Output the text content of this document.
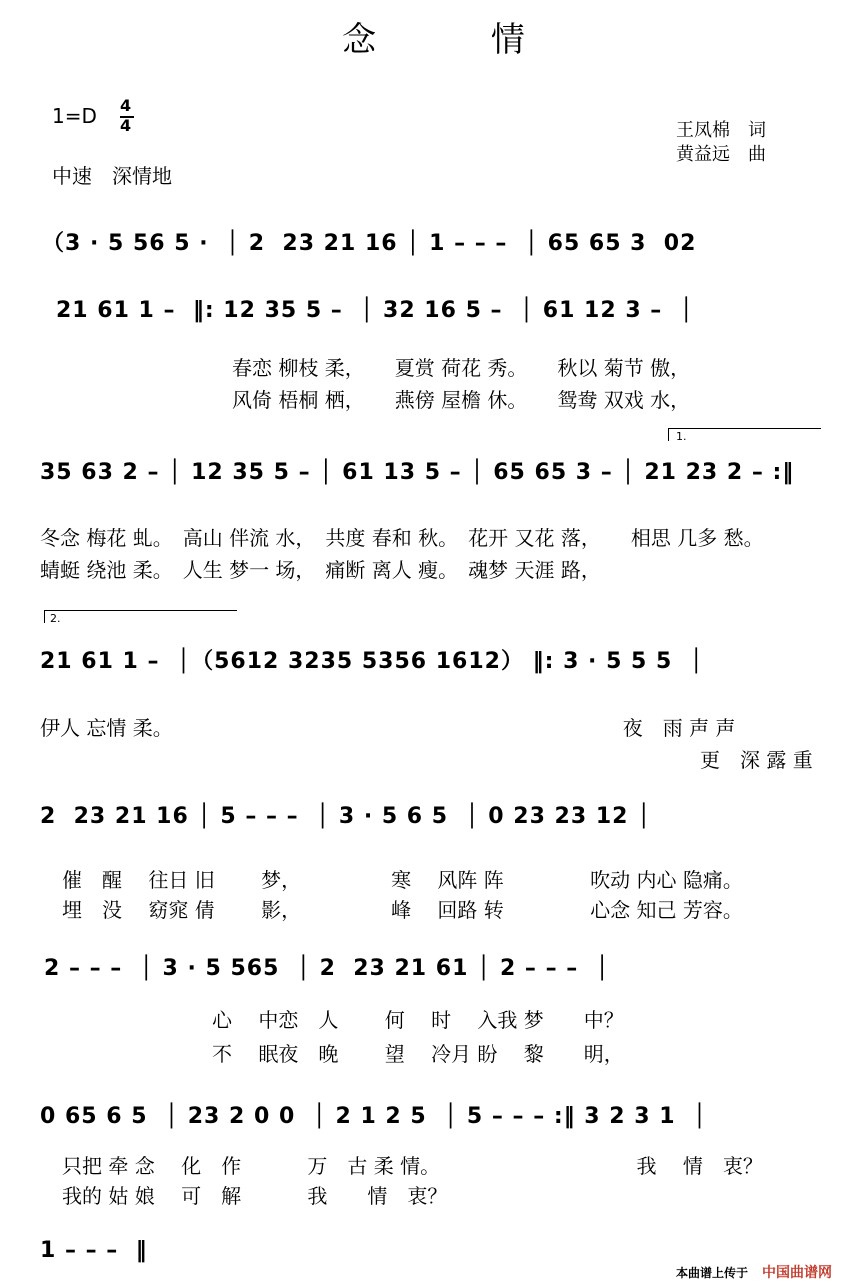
念 情
1=D 4
4
中速　深情地
王凤棉　词
黄益远　曲
（3 · 5 56 5 ·  │ 2  23 21 16 │ 1 – – –  │ 65 65 3  02
21 61 1 –  ‖: 12 35 5 –  │ 32 16 5 –  │ 61 12 3 –  │
春恋 柳枝 柔，　　夏赏 荷花 秀。　　秋以 菊节 傲，
风倚 梧桐 栖，　　燕傍 屋檐 休。　　鸳鸯 双戏 水，
1.
35 63 2 – │ 12 35 5 – │ 61 13 5 – │ 65 65 3 – │ 21 23 2 – :‖
冬念 梅花 虬。　高山 伴流 水，　共度 春和 秋。　花开 又花 落，　　相思 几多 愁。
蜻蜓 绕池 柔。　人生 梦一 场，　痛断 离人 瘦。　魂梦 天涯 路，
2.
21 61 1 –  │（5612 3235 5356 1612） ‖: 3 · 5 5 5  │
伊人 忘情 柔。　　　　　　　　　　　　　　　　　　　　　　　夜　雨 声 声
　　　　　　　　　　　　　　　　　　　　　　　　　　　　　　　　　更　深 露 重
2  23 21 16 │ 5 – – –  │ 3 · 5 6 5  │ 0 23 23 12 │
催　醒　 往日 旧　　 梦，　　　　　寒　 风阵 阵　　　　 吹动 内心 隐痛。
埋　没　 窈窕 倩　　 影，　　　　　峰　 回路 转　　　　 心念 知己 芳容。
2 – – –  │ 3 · 5 565  │ 2  23 21 61 │ 2 – – –  │
心　 中恋　人　　 何　 时　 入我 梦　　中？
不　 眠夜　晚　　 望　 冷月 盼　 黎　　明，
0 65 6 5  │ 23 2 0 0  │ 2 1 2 5  │ 5 – – – :‖ 3 2 3 1  │
只把 牵 念　 化　作　　　 万　古 柔 情。　　　　　　　　　　 我　 情　衷？
我的 姑 娘　 可　解　　　 我　　情　衷？
1 – – –  ‖
本曲谱上传于 中国曲谱网
